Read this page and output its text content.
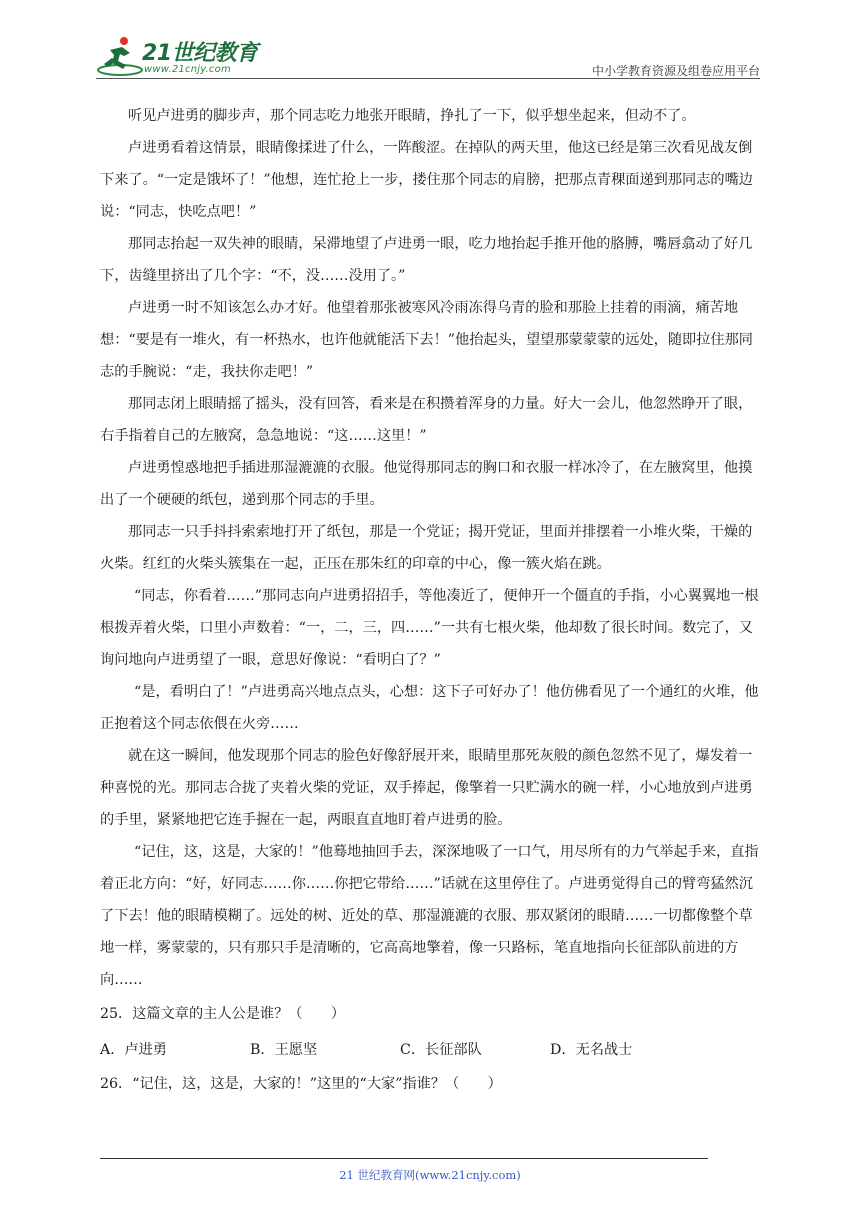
21世纪教育
www.21cnjy.com	中小学教育资源及组卷应用平台

听见卢进勇的脚步声，那个同志吃力地张开眼睛，挣扎了一下，似乎想坐起来，但动不了。

卢进勇看着这情景，眼睛像揉进了什么，一阵酸涩。在掉队的两天里，他这已经是第三次看见战友倒下来了。“一定是饿坏了！”他想，连忙抢上一步，搂住那个同志的肩膀，把那点青稞面递到那同志的嘴边说：“同志，快吃点吧！”

那同志抬起一双失神的眼睛，呆滞地望了卢进勇一眼，吃力地抬起手推开他的胳膊，嘴唇翕动了好几下，齿缝里挤出了几个字：“不，没……没用了。”

卢进勇一时不知该怎么办才好。他望着那张被寒风冷雨冻得乌青的脸和那脸上挂着的雨滴，痛苦地想：“要是有一堆火，有一杯热水，也许他就能活下去！”他抬起头，望望那蒙蒙蒙的远处，随即拉住那同志的手腕说：“走，我扶你走吧！”

那同志闭上眼睛摇了摇头，没有回答，看来是在积攒着浑身的力量。好大一会儿，他忽然睁开了眼，右手指着自己的左腋窝，急急地说：“这……这里！”

卢进勇惶惑地把手插进那湿漉漉的衣服。他觉得那同志的胸口和衣服一样冰冷了，在左腋窝里，他摸出了一个硬硬的纸包，递到那个同志的手里。

那同志一只手抖抖索索地打开了纸包，那是一个党证；揭开党证，里面并排摆着一小堆火柴，干燥的火柴。红红的火柴头簇集在一起，正压在那朱红的印章的中心，像一簇火焰在跳。

“同志，你看着……”那同志向卢进勇招招手，等他凑近了，便伸开一个僵直的手指，小心翼翼地一根根拨弄着火柴，口里小声数着：“一，二，三，四……”一共有七根火柴，他却数了很长时间。数完了，又询问地向卢进勇望了一眼，意思好像说：“看明白了？”

“是，看明白了！”卢进勇高兴地点点头，心想：这下子可好办了！他仿佛看见了一个通红的火堆，他正抱着这个同志依偎在火旁……

就在这一瞬间，他发现那个同志的脸色好像舒展开来，眼睛里那死灰般的颜色忽然不见了，爆发着一种喜悦的光。那同志合拢了夹着火柴的党证，双手捧起，像擎着一只贮满水的碗一样，小心地放到卢进勇的手里，紧紧地把它连手握在一起，两眼直直地盯着卢进勇的脸。

“记住，这，这是，大家的！”他蓦地抽回手去，深深地吸了一口气，用尽所有的力气举起手来，直指着正北方向：“好，好同志……你……你把它带给……”话就在这里停住了。卢进勇觉得自己的臂弯猛然沉了下去！他的眼睛模糊了。远处的树、近处的草、那湿漉漉的衣服、那双紧闭的眼睛……一切都像整个草地一样，雾蒙蒙的，只有那只手是清晰的，它高高地擎着，像一只路标，笔直地指向长征部队前进的方向……

25．这篇文章的主人公是谁？（　　）

A．卢进勇	B．王愿坚	C．长征部队	D．无名战士

26．“记住，这，这是，大家的！”这里的“大家”指谁？（　　）

21 世纪教育网(www.21cnjy.com)
